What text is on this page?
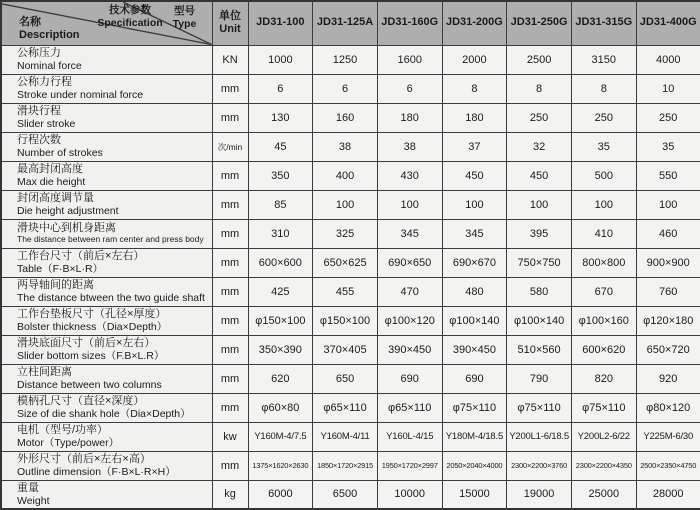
技术参数
Specification
型号
Type
名称
Description
	单位
Unit	JD31-100	JD31-125A	JD31-160G	JD31-200G	JD31-250G	JD31-315G	JD31-400G

公称压力
Nominal force	KN	1000	1250	1600	2000	2500	3150	4000

公称力行程
Stroke under nominal force	mm	6	6	6	8	8	8	10

滑块行程
Slider stroke	mm	130	160	180	180	250	250	250

行程次数
Number of strokes	次/min	45	38	38	37	32	35	35

最高封闭高度
Max die height	mm	350	400	430	450	450	500	550

封闭高度调节量
Die height adjustment	mm	85	100	100	100	100	100	100

滑块中心到机身距离
The distance between ram center and press body	mm	310	325	345	345	395	410	460

工作台尺寸（前后×左右）
Table（F·B×L·R）	mm	600×600	650×625	690×650	690×670	750×750	800×800	900×900

两导轴间的距离
The distance btween the two guide shaft	mm	425	455	470	480	580	670	760

工作台垫板尺寸（孔径×厚度）
Bolster thickness（Dia×Depth）	mm	φ150×100	φ150×100	φ100×120	φ100×140	φ100×140	φ100×160	φ120×180

滑块底面尺寸（前后×左右）
Slider bottom sizes（F.B×L.R）	mm	350×390	370×405	390×450	390×450	510×560	600×620	650×720

立柱间距离
Distance between two columns	mm	620	650	690	690	790	820	920

模柄孔尺寸（直径×深度）
Size of die shank hole（Dia×Depth）	mm	φ60×80	φ65×110	φ65×110	φ75×110	φ75×110	φ75×110	φ80×120

电机（型号/功率）
Motor（Type/power）	kw	Y160M-4/7.5	Y160M-4/11	Y160L-4/15	Y180M-4/18.5	Y200L1-6/18.5	Y200L2-6/22	Y225M-6/30

外形尺寸（前后×左右×高）
Outline dimension（F·B×L·R×H）	mm	1375×1620×2630	1850×1720×2915	1950×1720×2997	2050×2040×4000	2300×2200×3760	2300×2200×4350	2500×2350×4750

重量
Weight	kg	6000	6500	10000	15000	19000	25000	28000
